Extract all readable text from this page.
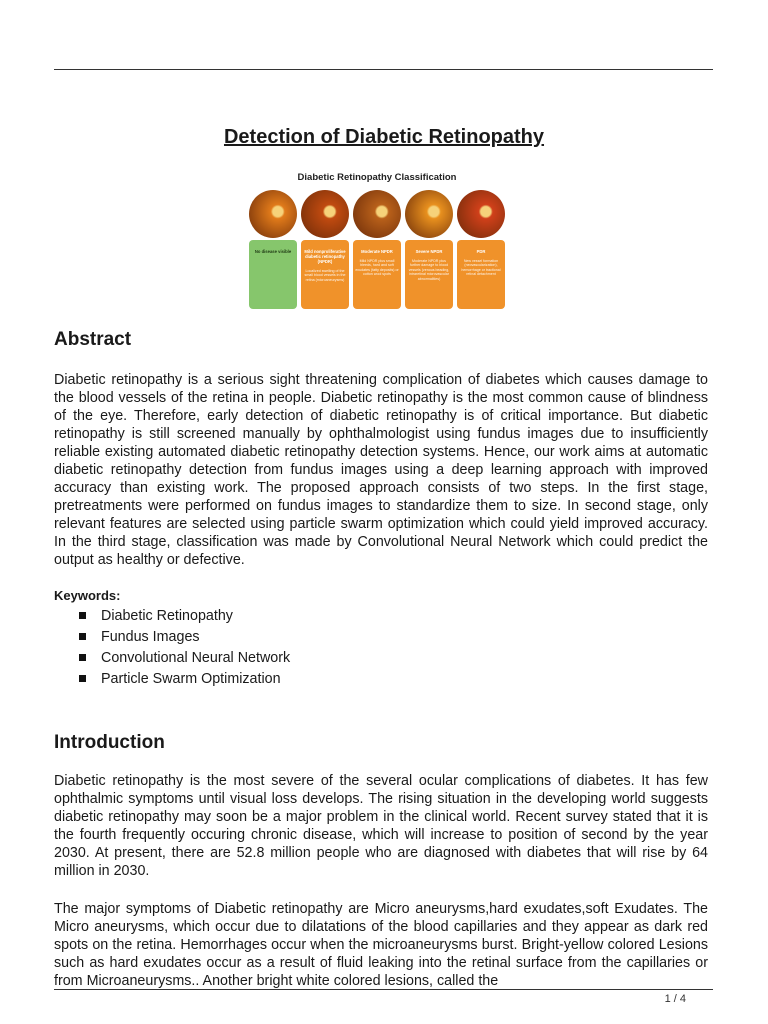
Detection of Diabetic Retinopathy
Diabetic Retinopathy Classification
No disease visible	Mild nonproliferative diabetic retinopathy (NPDR)
Localized swelling of the small blood vessels in the retina (microaneurysms)
Moderate NPDR
Mild NPDR plus small bleeds, hard and soft exudates (fatty deposits) or cotton wool spots
Severe NPDR
Moderate NPDR plus further damage to blood vessels (venous beading, intraretinal microvascular abnormalities)
PDR
New vessel formation (neovascularization), hemorrhage or tractional retinal detachment
Abstract

Diabetic retinopathy is a serious sight threatening complication of diabetes which causes damage to the blood vessels of the retina in people. Diabetic retinopathy is the most common cause of blindness of the eye. Therefore, early detection of diabetic retinopathy is of critical importance. But diabetic retinopathy is still screened manually by ophthalmologist using fundus images due to insufficiently reliable existing automated diabetic retinopathy detection systems. Hence, our work aims at automatic diabetic retinopathy detection from fundus images using a deep learning approach with improved accuracy than existing work. The proposed approach consists of two steps. In the first stage, pretreatments were performed on fundus images to standardize them to size. In second stage, only relevant features are selected using particle swarm optimization which could yield improved accuracy. In the third stage, classification was made by Convolutional Neural Network which could predict the output as healthy or defective.

Keywords:
Diabetic Retinopathy
Fundus Images
Convolutional Neural Network
Particle Swarm Optimization
Introduction

Diabetic retinopathy is the most severe of the several ocular complications of diabetes. It has few ophthalmic symptoms until visual loss develops. The rising situation in the developing world suggests diabetic retinopathy may soon be a major problem in the clinical world. Recent survey stated that it is the fourth frequently occuring chronic disease, which will increase to position of second by the year 2030. At present, there are 52.8 million people who are diagnosed with diabetes that will rise by 64 million in 2030.

The major symptoms of Diabetic retinopathy are Micro aneurysms,hard exudates,soft Exudates. The Micro aneurysms, which occur due to dilatations of the blood capillaries and they appear as dark red spots on the retina. Hemorrhages occur when the microaneurysms burst. Bright-yellow colored Lesions such as hard exudates occur as a result of fluid leaking into the retinal surface from the capillaries or from Microaneurysms.. Another bright white colored lesions, called the

1 / 4
